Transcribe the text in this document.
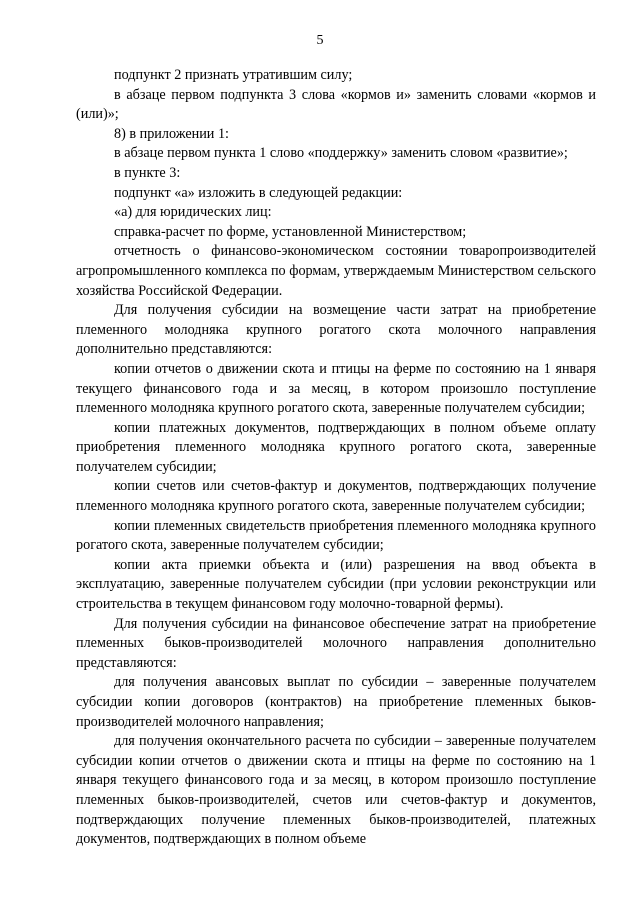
5

подпункт 2 признать утратившим силу;

в абзаце первом подпункта 3 слова «кормов и» заменить словами «кормов и (или)»;

8) в приложении 1:

в абзаце первом пункта 1 слово «поддержку» заменить словом «развитие»;

в пункте 3:

подпункт «а» изложить в следующей редакции:

«а) для юридических лиц:

справка-расчет по форме, установленной Министерством;

отчетность о финансово-экономическом состоянии товаропроизводителей агропромышленного комплекса по формам, утверждаемым Министерством сельского хозяйства Российской Федерации.

Для получения субсидии на возмещение части затрат на приобретение племенного молодняка крупного рогатого скота молочного направления дополнительно представляются:

копии отчетов о движении скота и птицы на ферме по состоянию на 1 января текущего финансового года и за месяц, в котором произошло поступление племенного молодняка крупного рогатого скота, заверенные получателем субсидии;

копии платежных документов, подтверждающих в полном объеме оплату приобретения племенного молодняка крупного рогатого скота, заверенные получателем субсидии;

копии счетов или счетов-фактур и документов, подтверждающих получение племенного молодняка крупного рогатого скота, заверенные получателем субсидии;

копии племенных свидетельств приобретения племенного молодняка крупного рогатого скота, заверенные получателем субсидии;

копии акта приемки объекта и (или) разрешения на ввод объекта в эксплуатацию, заверенные получателем субсидии (при условии реконструкции или строительства в текущем финансовом году молочно-товарной фермы).

Для получения субсидии на финансовое обеспечение затрат на приобретение племенных быков-производителей молочного направления дополнительно представляются:

для получения авансовых выплат по субсидии – заверенные получателем субсидии копии договоров (контрактов) на приобретение племенных быков-производителей молочного направления;

для получения окончательного расчета по субсидии – заверенные получателем субсидии копии отчетов о движении скота и птицы на ферме по состоянию на 1 января текущего финансового года и за месяц, в котором произошло поступление племенных быков-производителей, счетов или счетов-фактур и документов, подтверждающих получение племенных быков-производителей, платежных документов, подтверждающих в полном объеме
